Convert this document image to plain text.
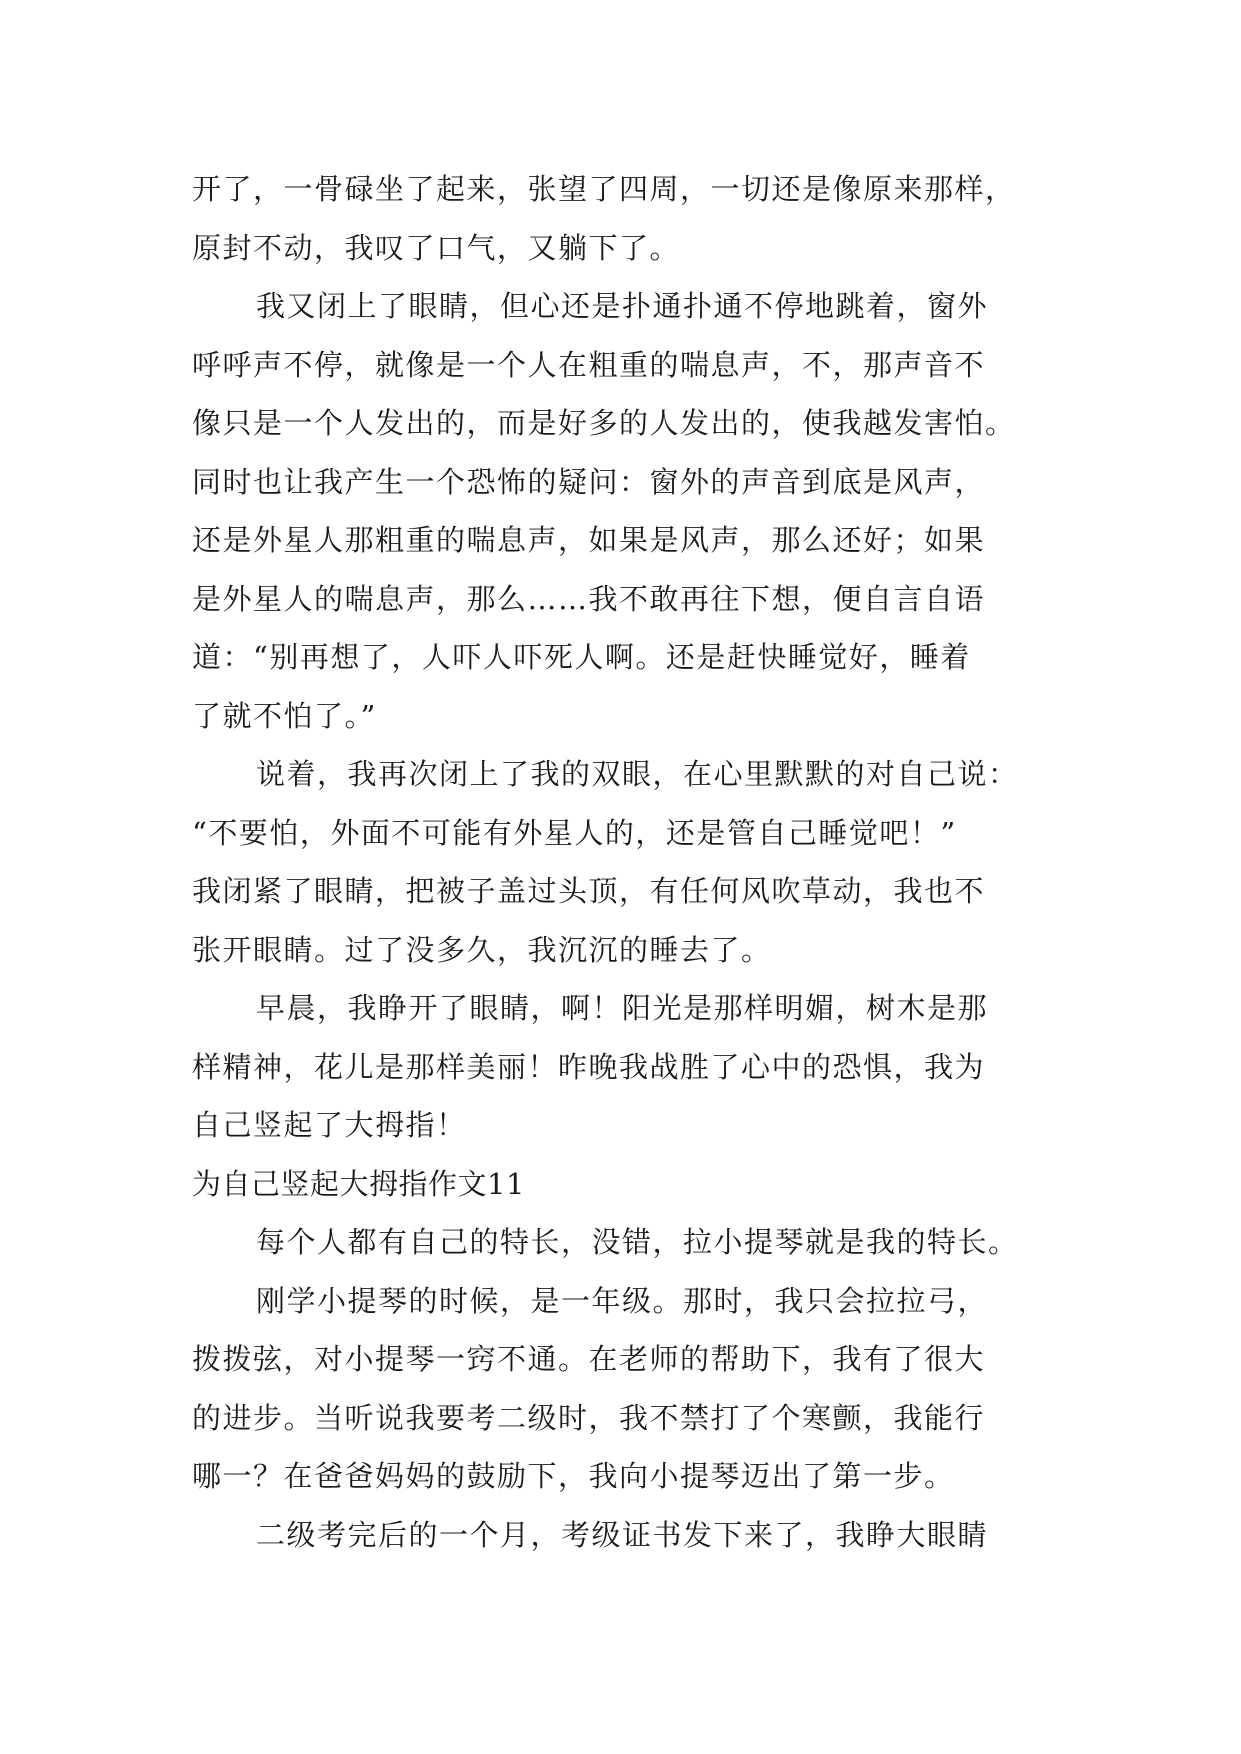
开了，一骨碌坐了起来，张望了四周，一切还是像原来那样，
原封不动，我叹了口气，又躺下了。
我又闭上了眼睛，但心还是扑通扑通不停地跳着，窗外
呼呼声不停，就像是一个人在粗重的喘息声，不，那声音不
像只是一个人发出的，而是好多的人发出的，使我越发害怕。
同时也让我产生一个恐怖的疑问：窗外的声音到底是风声，
还是外星人那粗重的喘息声，如果是风声，那么还好；如果
是外星人的喘息声，那么……我不敢再往下想，便自言自语
道：“别再想了，人吓人吓死人啊。还是赶快睡觉好，睡着
了就不怕了。”
说着，我再次闭上了我的双眼，在心里默默的对自己说：
“不要怕，外面不可能有外星人的，还是管自己睡觉吧！”
我闭紧了眼睛，把被子盖过头顶，有任何风吹草动，我也不
张开眼睛。过了没多久，我沉沉的睡去了。
早晨，我睁开了眼睛，啊！阳光是那样明媚，树木是那
样精神，花儿是那样美丽！昨晚我战胜了心中的恐惧，我为
自己竖起了大拇指！
为自己竖起大拇指作文11
每个人都有自己的特长，没错，拉小提琴就是我的特长。
刚学小提琴的时候，是一年级。那时，我只会拉拉弓，
拨拨弦，对小提琴一窍不通。在老师的帮助下，我有了很大
的进步。当听说我要考二级时，我不禁打了个寒颤，我能行
哪一？在爸爸妈妈的鼓励下，我向小提琴迈出了第一步。
二级考完后的一个月，考级证书发下来了，我睁大眼睛
